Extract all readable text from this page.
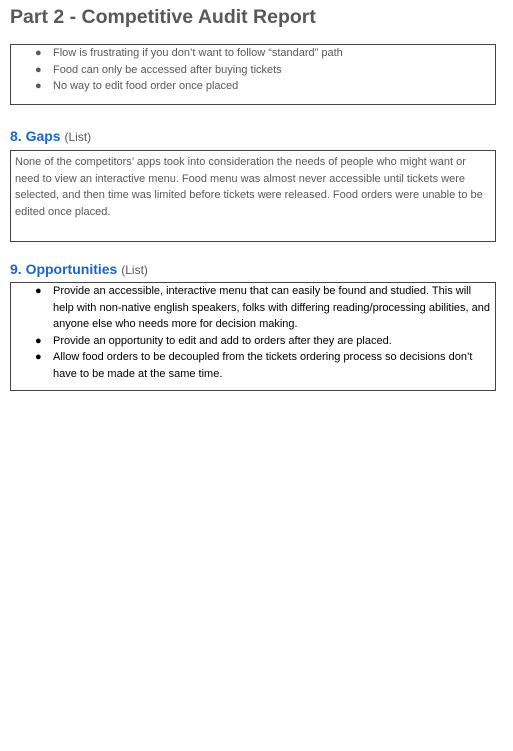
Part 2 - Competitive Audit Report
● Flow is frustrating if you don’t want to follow “standard” path
● Food can only be accessed after buying tickets
● No way to edit food order once placed
8. Gaps (List)

None of the competitors’ apps took into consideration the needs of people who might want or need to view an interactive menu. Food menu was almost never accessible until tickets were selected, and then time was limited before tickets were released. Food orders were unable to be edited once placed.

9. Opportunities (List)
● Provide an accessible, interactive menu that can easily be found and studied. This will help with non-native english speakers, folks with differing reading/processing abilities, and anyone else who needs more for decision making.
● Provide an opportunity to edit and add to orders after they are placed.
● Allow food orders to be decoupled from the tickets ordering process so decisions don’t have to be made at the same time.
